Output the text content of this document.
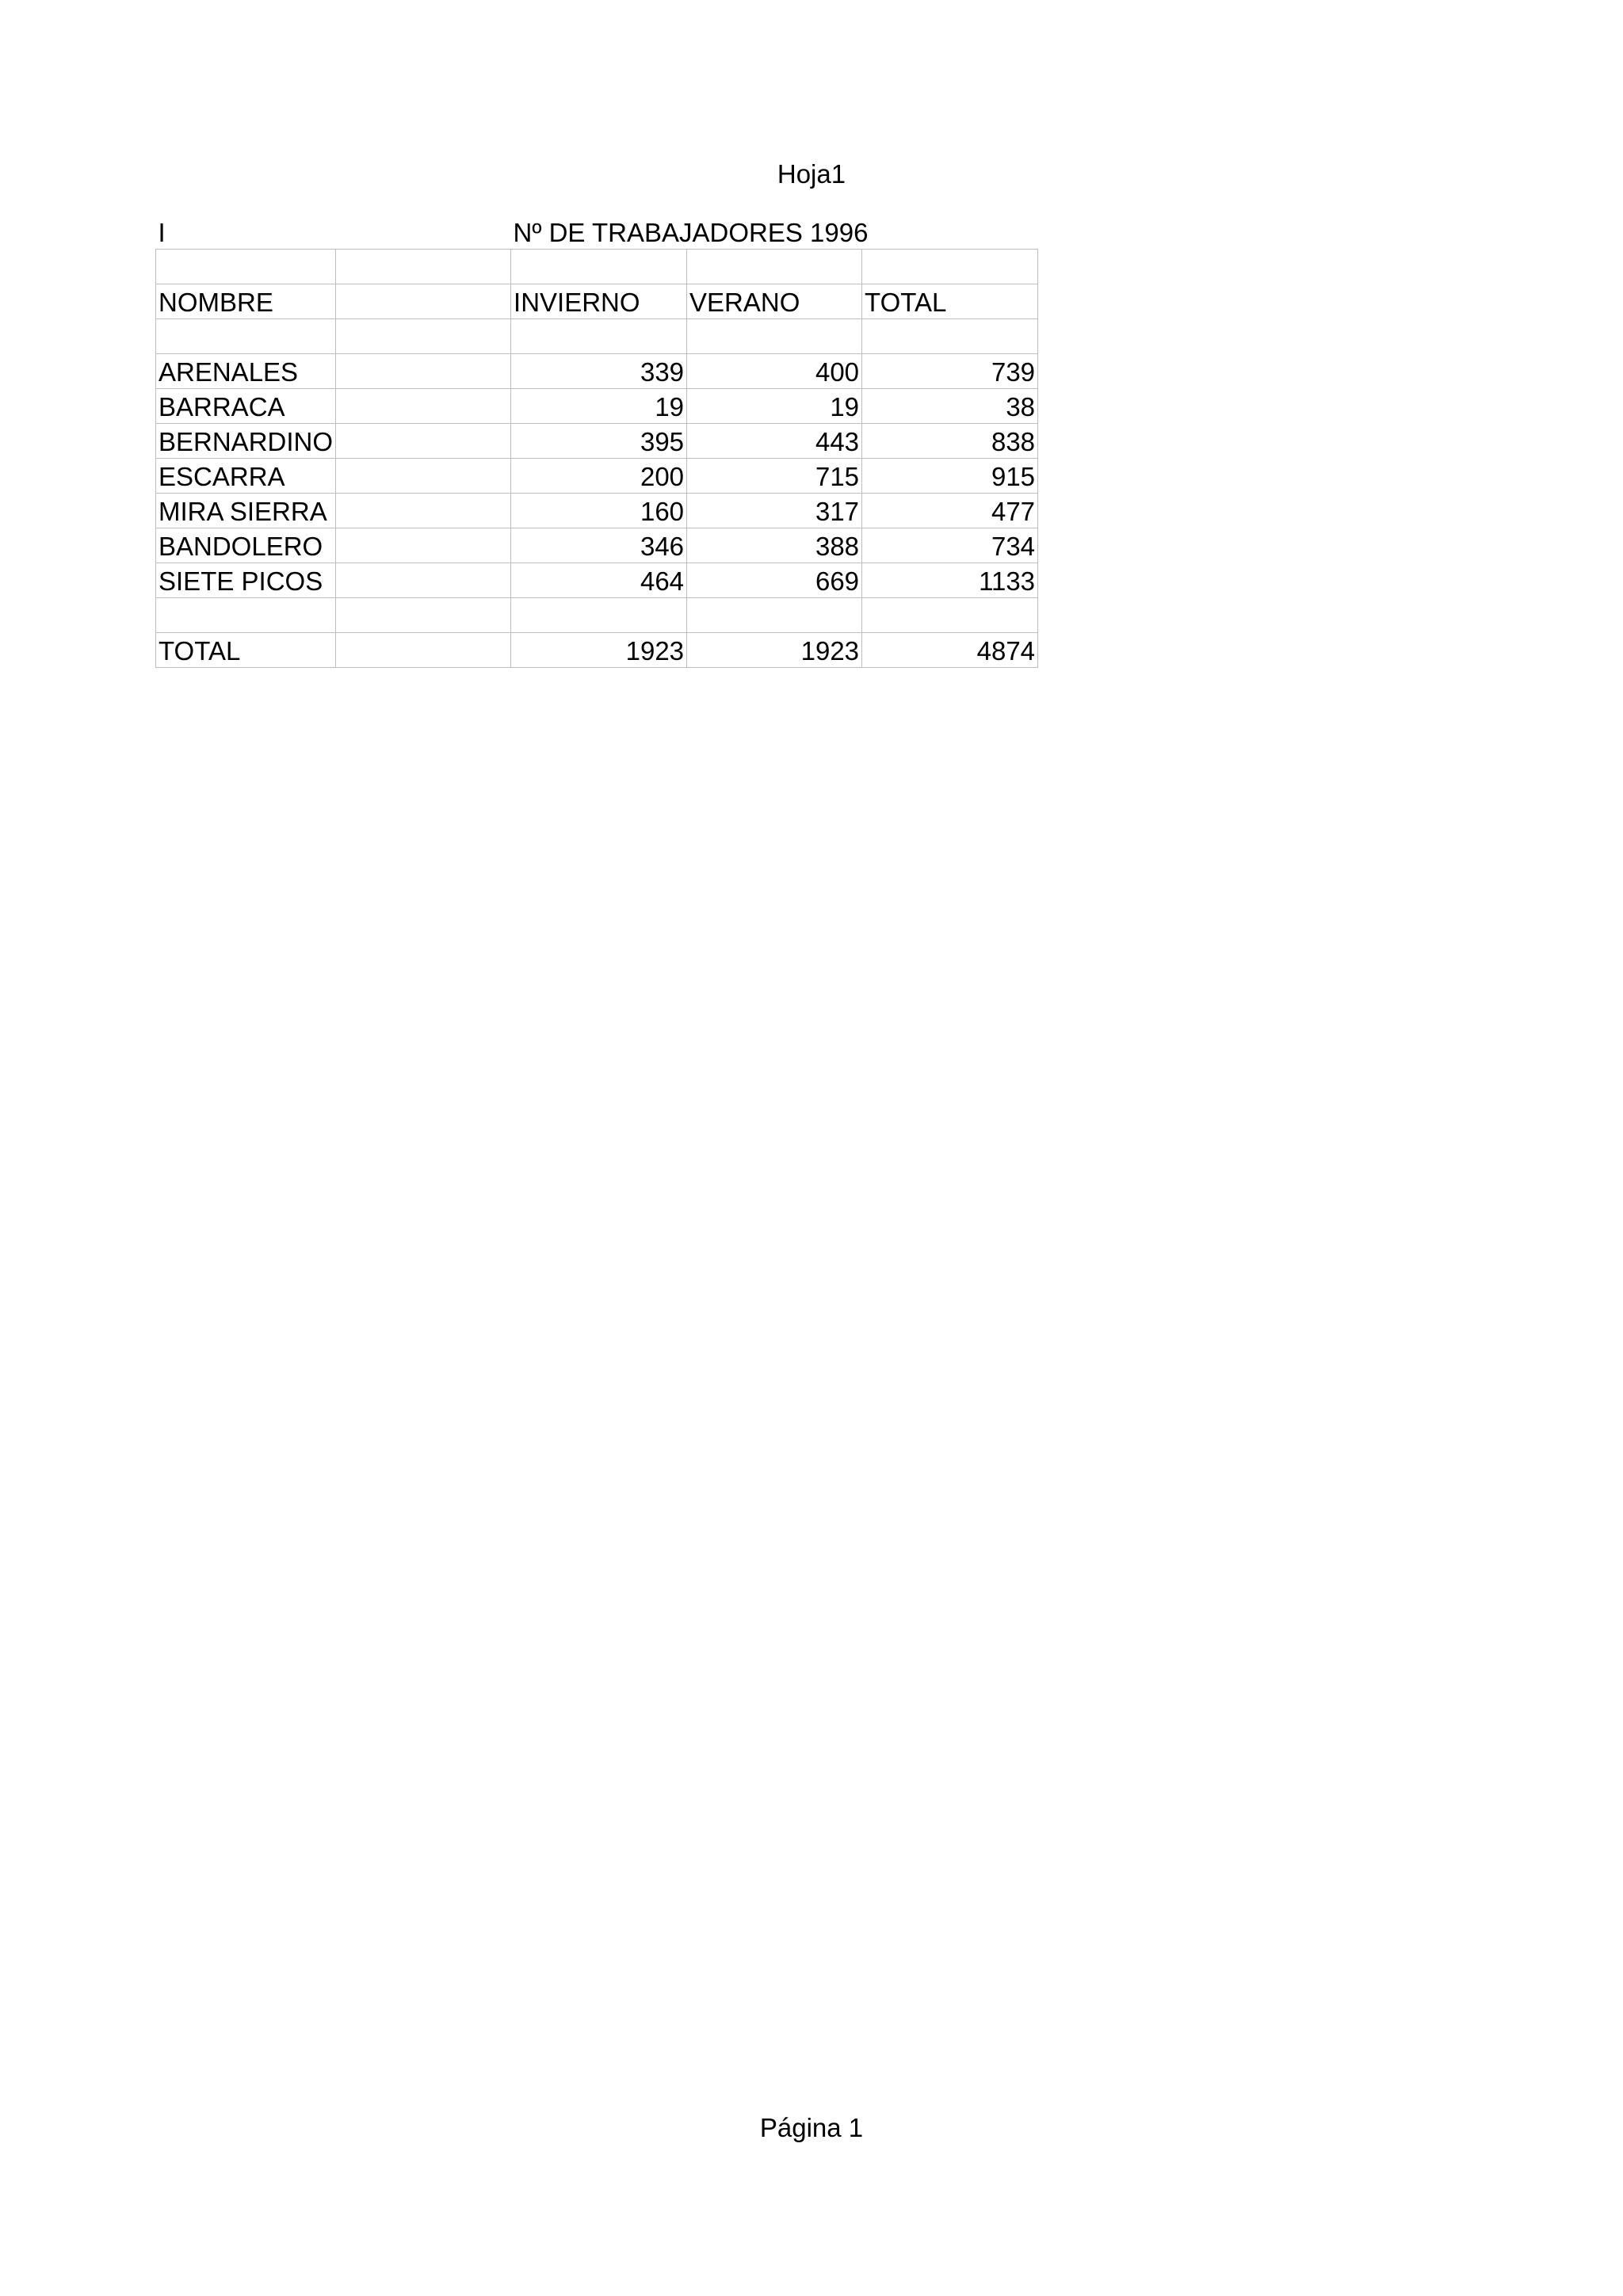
Hoja1
I		Nº DE TRABAJADORES 1996		

NOMBRE		INVIERNO	VERANO	TOTAL

ARENALES		339	400	739
BARRACA		19	19	38
BERNARDINO		395	443	838
ESCARRA		200	715	915
MIRA SIERRA		160	317	477
BANDOLERO		346	388	734
SIETE PICOS		464	669	1133

TOTAL		1923	1923	4874
Página 1
